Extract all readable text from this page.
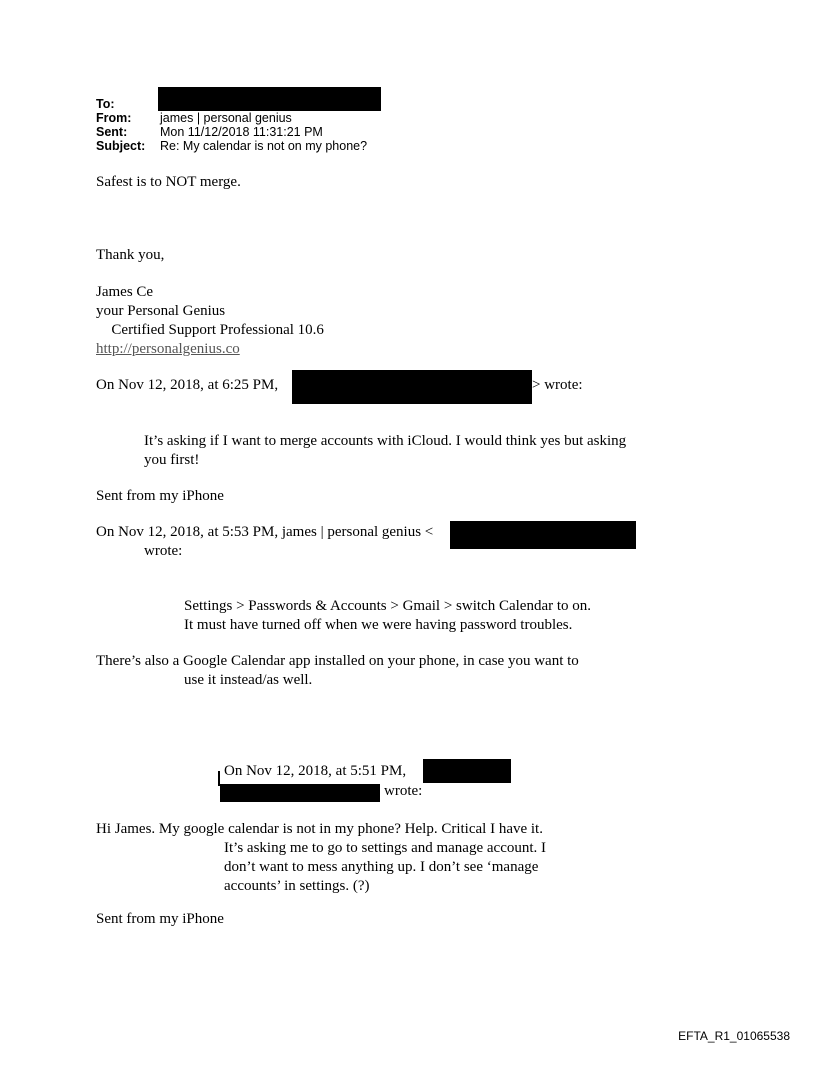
To:
From: james | personal genius
Sent:	Mon 11/12/2018 11:31:21 PM
Subject: Re: My calendar is not on my phone?
Safest is to NOT merge.
Thank you,
James Ce
your Personal Genius
Certified Support Professional 10.6
http://personalgenius.co
On Nov 12, 2018, at 6:25 PM,	> wrote:
It’s asking if I want to merge accounts with iCloud. I would think yes but asking
you first!
Sent from my iPhone
On Nov 12, 2018, at 5:53 PM, james | personal genius <
wrote:
Settings > Passwords & Accounts > Gmail > switch Calendar to on.
It must have turned off when we were having password troubles.
There’s also a Google Calendar app installed on your phone, in case you want to
use it instead/as well.
On Nov 12, 2018, at 5:51 PM,
wrote:
Hi James. My google calendar is not in my phone? Help. Critical I have it.
It’s asking me to go to settings and manage account. I
don’t want to mess anything up. I don’t see ‘manage
accounts’ in settings. (?)
Sent from my iPhone
EFTA_R1_01065538
